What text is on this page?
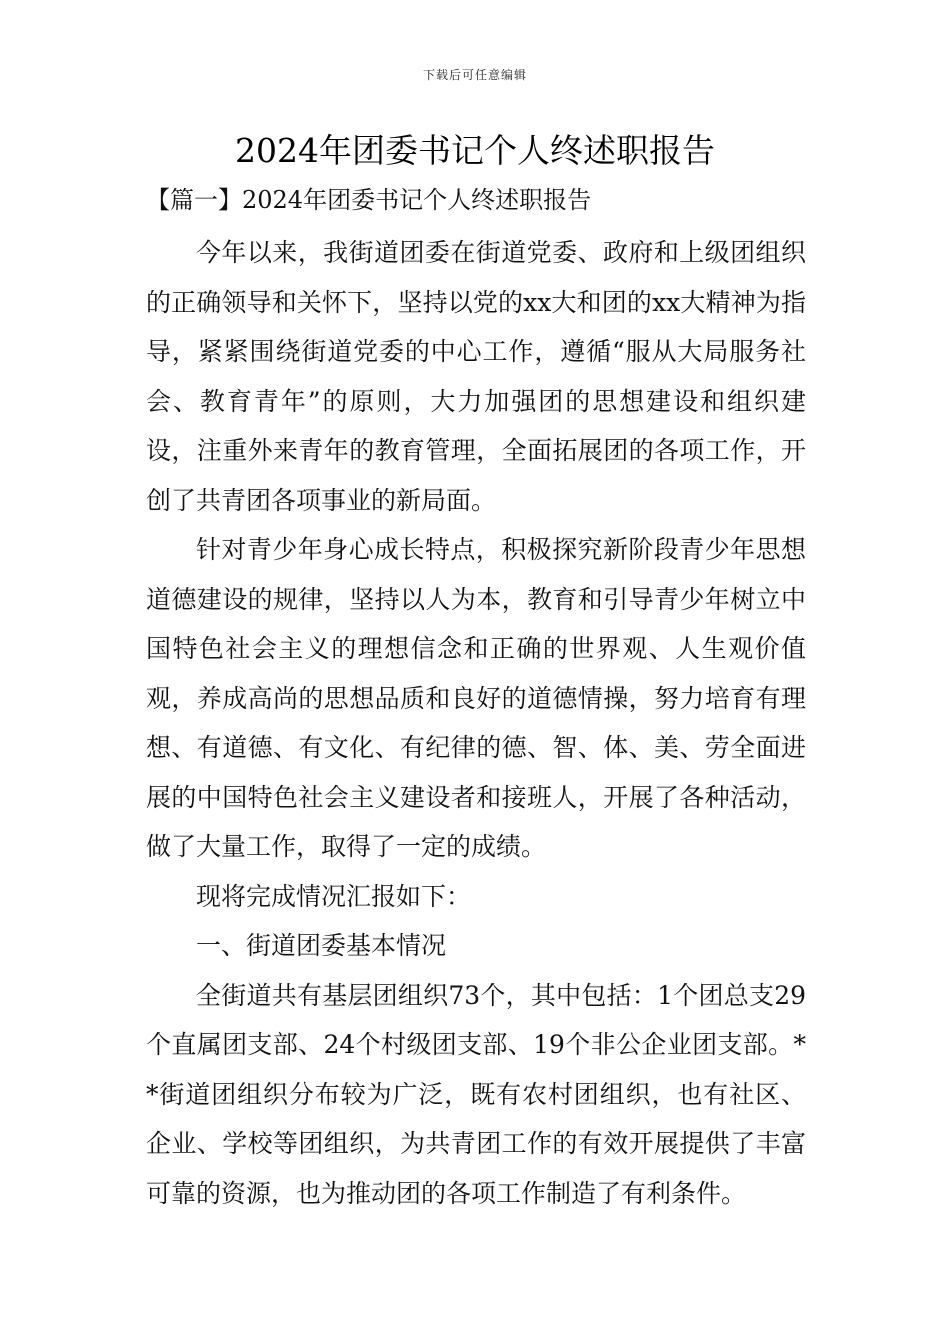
下载后可任意编辑
2024年团委书记个人终述职报告
【篇一】2024年团委书记个人终述职报告

今年以来，我街道团委在街道党委、政府和上级团组织的正确领导和关怀下，坚持以党的xx大和团的xx大精神为指导，紧紧围绕街道党委的中心工作，遵循“服从大局服务社会、教育青年”的原则，大力加强团的思想建设和组织建设，注重外来青年的教育管理，全面拓展团的各项工作，开创了共青团各项事业的新局面。

针对青少年身心成长特点，积极探究新阶段青少年思想道德建设的规律，坚持以人为本，教育和引导青少年树立中国特色社会主义的理想信念和正确的世界观、人生观价值观，养成高尚的思想品质和良好的道德情操，努力培育有理想、有道德、有文化、有纪律的德、智、体、美、劳全面进展的中国特色社会主义建设者和接班人，开展了各种活动，做了大量工作，取得了一定的成绩。

现将完成情况汇报如下：

一、街道团委基本情况

全街道共有基层团组织73个，其中包括：1个团总支29个直属团支部、24个村级团支部、19个非公企业团支部。**街道团组织分布较为广泛，既有农村团组织，也有社区、企业、学校等团组织，为共青团工作的有效开展提供了丰富可靠的资源，也为推动团的各项工作制造了有利条件。
